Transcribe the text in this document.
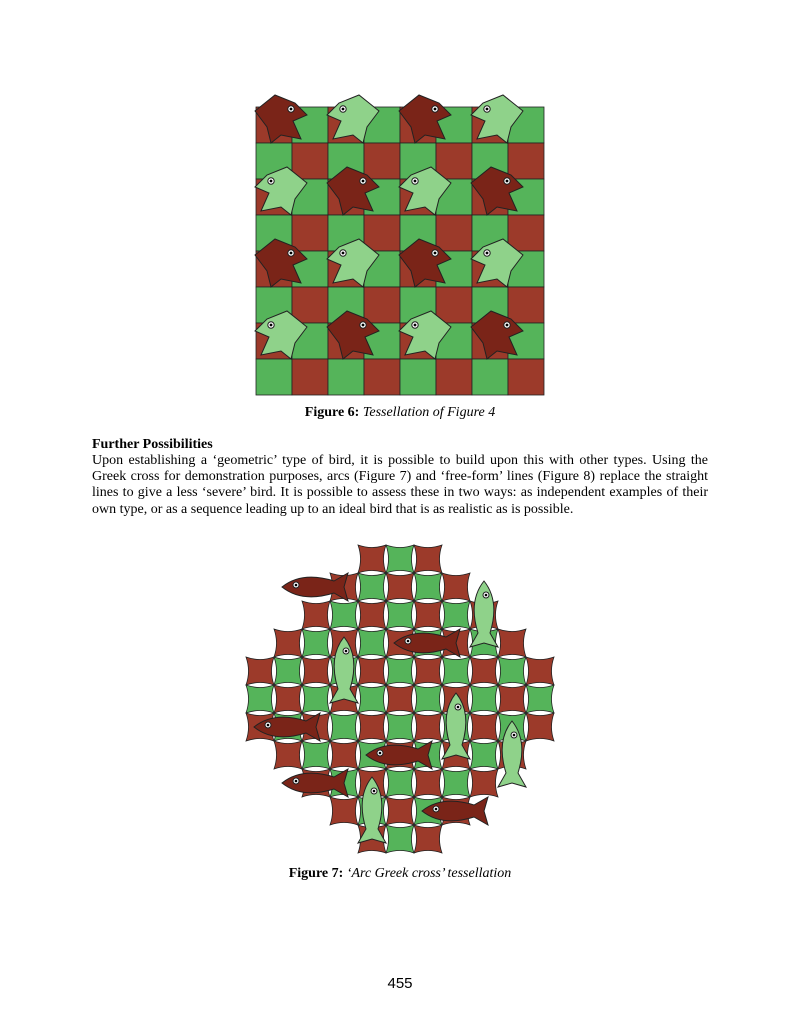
Figure 6: Tessellation of Figure 4
Further Possibilities

Upon establishing a ‘geometric’ type of bird, it is possible to build upon this with other types. Using the Greek cross for demonstration purposes, arcs (Figure 7) and ‘free-form’ lines (Figure 8) replace the straight lines to give a less ‘severe’ bird. It is possible to assess these in two ways: as independent examples of their own type, or as a sequence leading up to an ideal bird that is as realistic as is possible.

Figure 7: ‘Arc Greek cross’ tessellation
455
